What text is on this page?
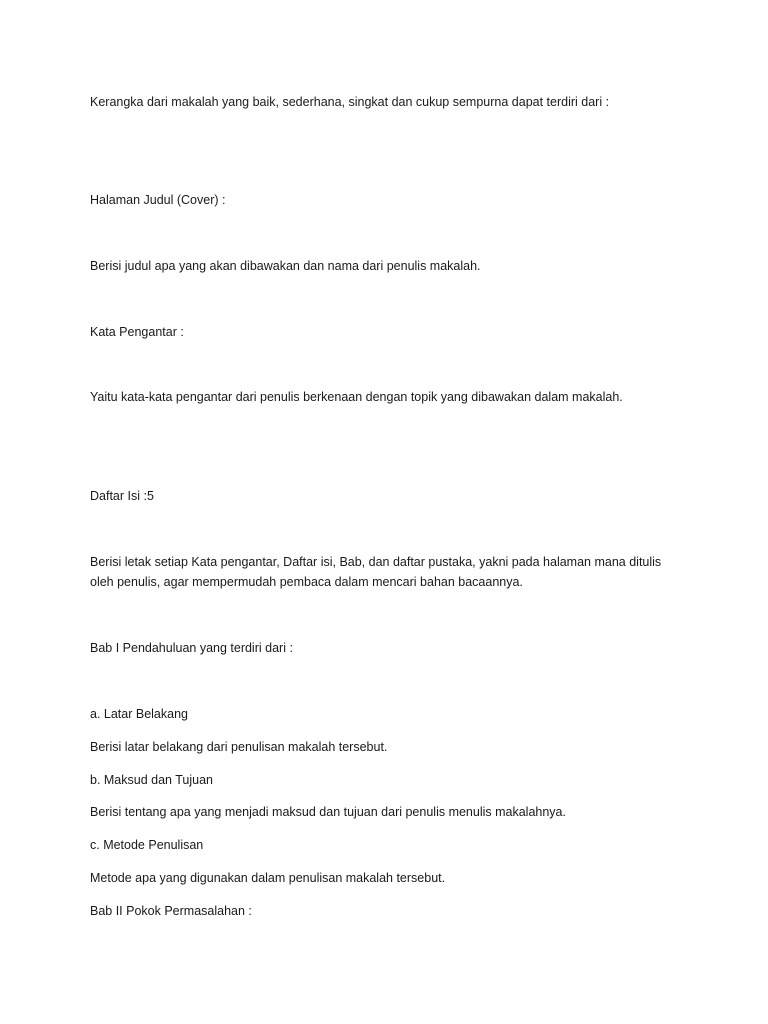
Kerangka dari makalah yang baik, sederhana, singkat dan cukup sempurna dapat terdiri dari :

Halaman Judul (Cover) :

Berisi judul apa yang akan dibawakan dan nama dari penulis makalah.

Kata Pengantar :

Yaitu kata-kata pengantar dari penulis berkenaan dengan topik yang dibawakan dalam makalah.

Daftar Isi :5

Berisi letak setiap Kata pengantar, Daftar isi, Bab, dan daftar pustaka, yakni pada halaman mana ditulis oleh penulis, agar mempermudah pembaca dalam mencari bahan bacaannya.

Bab I Pendahuluan yang terdiri dari :

a. Latar Belakang

Berisi latar belakang dari penulisan makalah tersebut.

b. Maksud dan Tujuan

Berisi tentang apa yang menjadi maksud dan tujuan dari penulis menulis makalahnya.

c. Metode Penulisan

Metode apa yang digunakan dalam penulisan makalah tersebut.

Bab II Pokok Permasalahan :
